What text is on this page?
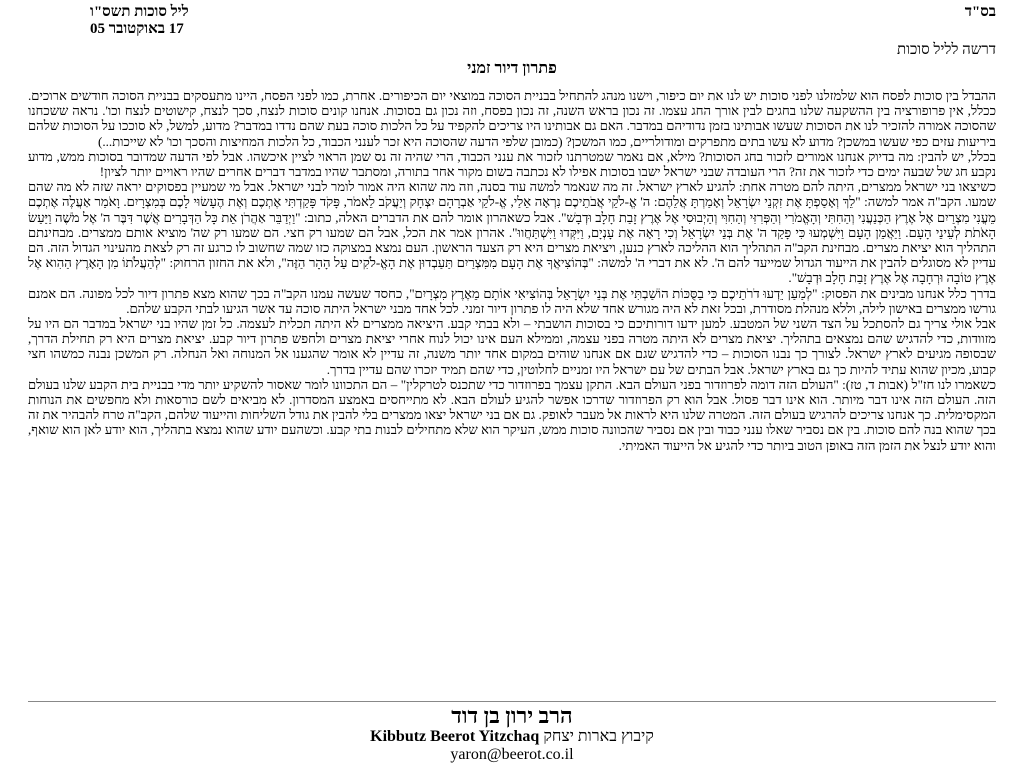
ליל סוכות תשס"ו
17 באוקטובר 05
בס"ד
דרשה לליל סוכות
פתרון דיור זמני

ההבדל בין סוכות לפסח הוא שלמזלנו לפני סוכות יש לנו את יום כיפור, וישנו מנהג להתחיל בבניית הסוכה במוצאי יום הכיפורים. אחרת, כמו לפני הפסח, היינו מתעסקים בבניית הסוכה חודשים ארוכים. ככלל, אין פרופורציה בין ההשקעה שלנו בחגים לבין אורך החג עצמו. זה נכון בראש השנה, זה נכון בפסח, וזה נכון גם בסוכות. אנחנו קונים סוכות לנצח, סכך לנצח, קישוטים לנצח וכו'. נראה ששכחנו שהסוכה אמורה להזכיר לנו את הסוכות שעשו אבותינו בזמן נדודיהם במדבר. האם גם אבותינו היו צריכים להקפיד על כל הלכות סוכה בעת שהם נדדו במדבר? מדוע, למשל, לא סוככו על הסוכות שלהם ביריעות עזים כפי שעשו במשכן? מדוע לא עשו בתים מתפרקים ומודולריים, כמו המשכן? (כמובן שלפי הדעה שהסוכה היא זכר לענני הכבוד, כל הלכות המחיצות והסכך וכו' לא שייכות...)

בכלל, יש להבין: מה בדיוק אנחנו אמורים לזכור בחג הסוכות? מילא, אם נאמר שמטרתנו לזכור את ענני הכבוד, הרי שהיה זה נס שמן הראוי לציין איכשהו. אבל לפי הדעה שמדובר בסוכות ממש, מדוע נקבע חג של שבעה ימים כדי לזכור את זה? הרי העובדה שבני ישראל ישבו בסוכות אפילו לא נכתבה בשום מקור אחר בתורה, ומסתבר שהיו במדבר דברים אחרים שהיו ראויים יותר לציון!

כשיצאו בני ישראל ממצרים, היתה להם מטרה אחת: להגיע לארץ ישראל. זה מה שנאמר למשה עוד בסנה, וזה מה שהוא היה אמור לומר לבני ישראל. אבל מי שמעיין בפסוקים יראה שזה לא מה שהם שמעו. הקב"ה אמר למשה: "לֵךְ וְאָסַפְתָּ אֶת זִקְנֵי יִשְׂרָאֵל וְאָמַרְתָּ אֲלֵהֶם: ה' אֱ-לֹקֵי אֲבֹתֵיכֶם נִרְאָה אֵלַי, אֱ-לֹקֵי אַבְרָהָם יִצְחָק וְיַעֲקֹב לֵאמֹר, פָּקֹד פָּקַדְתִּי אֶתְכֶם וְאֶת הֶעָשׂוּי לָכֶם בְּמִצְרָיִם. וָאֹמַר אַעֲלֶה אֶתְכֶם מֵעֳנִי מִצְרַיִם אֶל אֶרֶץ הַכְּנַעֲנִי וְהַחִתִּי וְהָאֱמֹרִי וְהַפְּרִזִּי וְהַחִוִּי וְהַיְבוּסִי אֶל אֶרֶץ זָבַת חָלָב וּדְבָשׁ". אבל כשאהרון אומר להם את הדברים האלה, כתוב: "וַיְדַבֵּר אַהֲרֹן אֵת כָּל הַדְּבָרִים אֲשֶׁר דִּבֶּר ה' אֶל מֹשֶׁה וַיַּעַשׂ הָאֹתֹת לְעֵינֵי הָעָם. וַיַּאֲמֵן הָעָם וַיִּשְׁמְעוּ כִּי פָקַד ה' אֶת בְּנֵי יִשְׂרָאֵל וְכִי רָאָה אֶת עָנְיָם, וַיִּקְּדוּ וַיִּשְׁתַּחֲווּ". אהרון אמר את הכל, אבל הם שמעו רק חצי. הם שמעו רק שה' מוציא אותם ממצרים. מבחינתם התהליך הוא יציאת מצרים. מבחינת הקב"ה התהליך הוא ההליכה לארץ כנען, ויציאת מצרים היא רק הצעד הראשון. העם נמצא במצוקה כזו שמה שחשוב לו כרגע זה רק לצאת מהעינוי הגדול הזה. הם עדיין לא מסוגלים להבין את הייעוד הגדול שמייעד להם ה'. לא את דברי ה' למשה: "בְּהוֹצִיאֲךָ אֶת הָעָם מִמִּצְרַיִם תַּעַבְדוּן אֶת הָאֱ-לֹקִים עַל הָהָר הַזֶּה", ולא את החזון הרחוק: "לְהַעֲלֹתוֹ מִן הָאָרֶץ הַהִוא אֶל אֶרֶץ טוֹבָה וּרְחָבָה אֶל אֶרֶץ זָבַת חָלָב וּדְבָשׁ".

בדרך כלל אנחנו מבינים את הפסוק: "לְמַעַן יֵדְעוּ דֹרֹתֵיכֶם כִּי בַסֻּכּוֹת הוֹשַׁבְתִּי אֶת בְּנֵי יִשְׂרָאֵל בְּהוֹצִיאִי אוֹתָם מֵאֶרֶץ מִצְרָיִם", כחסד שעשה עמנו הקב"ה בכך שהוא מצא פתרון דיור לכל מפונה. הם אמנם גורשו ממצרים באישון לילה, וללא מנהלת מסודרת, ובכל זאת לא היה מגורש אחד שלא היה לו פתרון דיור זמני. לכל אחד מבני ישראל היתה סוכה עד אשר הגיעו לבתי הקבע שלהם.

אבל אולי צריך גם להסתכל על הצד השני של המטבע. למען ידעו דורותיכם כי בסוכות הושבתי – ולא בבתי קבע. היציאה ממצרים לא היתה תכלית לעצמה. כל זמן שהיו בני ישראל במדבר הם היו על מזוודות, כדי להדגיש שהם נמצאים בתהליך. יציאת מצרים לא היתה מטרה בפני עצמה, וממילא העם אינו יכול לנוח אחרי יציאת מצרים ולחפש פתרון דיור קבע. יציאת מצרים היא רק תחילת הדרך, שבסופה מגיעים לארץ ישראל. לצורך כך נבנו הסוכות – כדי להדגיש שגם אם אנחנו שוהים במקום אחד יותר משנה, זה עדיין לא אומר שהגענו אל המנוחה ואל הנחלה. רק המשכן נבנה כמשהו חצי קבוע, מכיון שהוא עתיד להיות כך גם בארץ ישראל. אבל הבתים של עם ישראל היו זמניים לחלוטין, כדי שהם תמיד יזכרו שהם עדיין בדרך.

כשאמרו לנו חז"ל (אבות ד, טז): "העולם הזה דומה לפרוזדור בפני העולם הבא. התקן עצמך בפרוזדור כדי שתכנס לטרקלין" – הם התכוונו לומר שאסור להשקיע יותר מדי בבניית בית הקבע שלנו בעולם הזה. העולם הזה אינו דבר מיותר. הוא אינו דבר פסול. אבל הוא רק הפרוזדור שדרכו אפשר להגיע לעולם הבא. לא מתייחסים באמצע המסדרון. לא מביאים לשם כורסאות ולא מחפשים את הנוחות המקסימלית. כך אנחנו צריכים להרגיש בעולם הזה. המטרה שלנו היא לראות אל מעבר לאופק. גם אם בני ישראל יצאו ממצרים בלי להבין את גודל השליחות והייעוד שלהם, הקב"ה טרח להבהיר את זה בכך שהוא בנה להם סוכות. בין אם נסביר שאלו ענני כבוד ובין אם נסביר שהכוונה סוכות ממש, העיקר הוא שלא מתחילים לבנות בתי קבע. וכשהעם יודע שהוא נמצא בתהליך, הוא יודע לאן הוא שואף, והוא יודע לנצל את הזמן הזה באופן הטוב ביותר כדי להגיע אל הייעוד האמיתי.

הרב ירון בן דוד
Kibbutz Beerot Yitzchaq קיבוץ בארות יצחק
yaron@beerot.co.il
